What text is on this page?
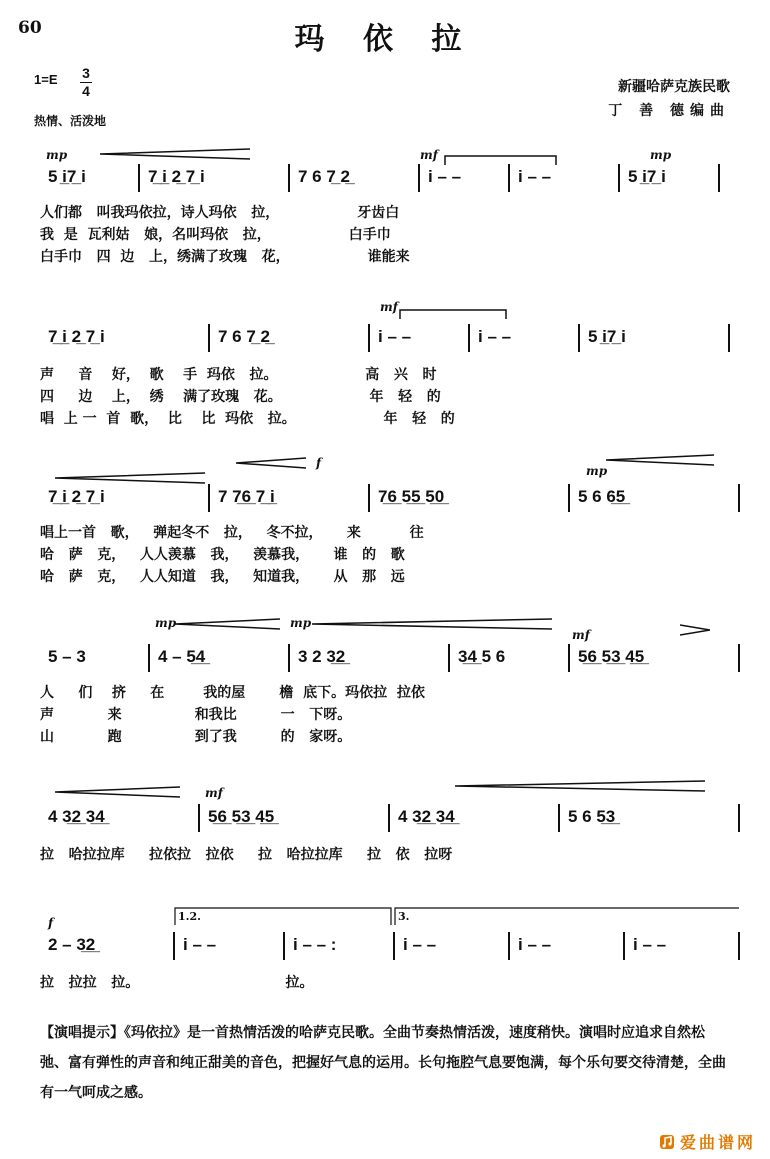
60	玛 依 拉
1=E 3
4
热情、活泼地
新疆哈萨克族民歌
丁 善 德编曲
mp	mf	mp
5 i̲7̲ i	7̲ i̲ 2̲ 7̲ i	7 6 7̲ 2̲	i – –	i – –	5 i̲7̲ i
人们都   叫我玛依拉，诗人玛依   拉，                牙齿白
我  是  瓦利姑   娘，名叫玛依   拉，                白手巾
白手巾   四  边   上，绣满了玫瑰   花，                谁能来
mf
7̲ i̲ 2̲ 7̲ i	7 6 7̲ 2̲	i – –	i – –	5 i̲7̲ i
声     音    好，  歌    手  玛依   拉。                  高   兴   时
四     边    上，  绣    满了玫瑰   花。                  年   轻   的
唱  上 一  首  歌，  比    比  玛依   拉。                  年   轻   的
f
mp
7̲ i̲ 2̲ 7̲ i	7 7̲6̲ 7̲ i̲	7̲6̲ 5̲5̲ 5̲0̲	5 6 6̲5̲
唱上一首   歌，   弹起冬不   拉，   冬不拉，     来          往
哈   萨   克，   人人羡慕   我，   羡慕我，     谁   的   歌
哈   萨   克，   人人知道   我，   知道我，     从   那   远
mp	mp
mf
5 – 3	4 – 5̲4̲	3 2 3̲2̲	3̲4̲ 5 6	5̲6̲ 5̲3̲ 4̲5̲
人     们    挤     在        我的屋       檐  底下。玛依拉  拉依
声           来               和我比         一   下呀。
山           跑               到了我         的   家呀。
mf
4 3̲2̲ 3̲4̲	5̲6̲ 5̲3̲ 4̲5̲	4 3̲2̲ 3̲4̲	5 6 5̲3̲
拉   哈拉拉库     拉依拉   拉依     拉   哈拉拉库     拉   依   拉呀
f	1.2.	3.
2 – 3̲2̲	i – –	i – – :	i – –	i – –	i – –
拉   拉拉   拉。                              拉。
【演唱提示】《玛依拉》是一首热情活泼的哈萨克民歌。全曲节奏热情活泼，速度稍快。演唱时应追求自然松弛、富有弹性的声音和纯正甜美的音色，把握好气息的运用。长句拖腔气息要饱满，每个乐句要交待清楚，全曲有一气呵成之感。
爱曲谱网
